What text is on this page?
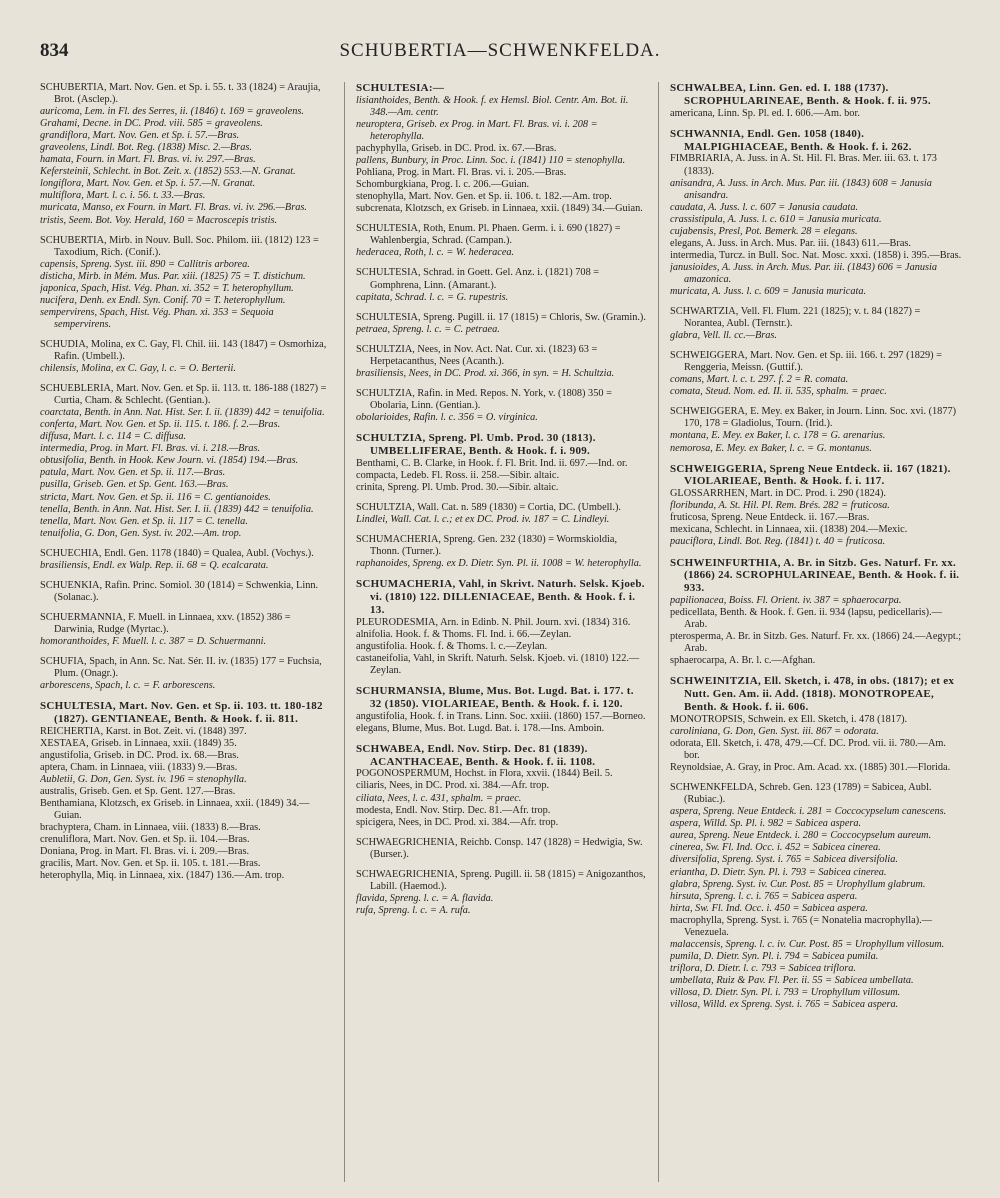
834	SCHUBERTIA—SCHWENKFELDA.
SCHUBERTIA, Mart. Nov. Gen. et Sp. i. 55. t. 33 (1824) = Araujia, Brot. (Asclep.).
auricoma, Lem. in Fl. des Serres, ii. (1846) t. 169 = graveolens.
Grahami, Decne. in DC. Prod. viii. 585 = graveolens.
grandiflora, Mart. Nov. Gen. et Sp. i. 57.—Bras.
graveolens, Lindl. Bot. Reg. (1838) Misc. 2.—Bras.
hamata, Fourn. in Mart. Fl. Bras. vi. iv. 297.—Bras.
Kefersteinii, Schlecht. in Bot. Zeit. x. (1852) 553.—N. Granat.
longiflora, Mart. Nov. Gen. et Sp. i. 57.—N. Granat.
multiflora, Mart. l. c. i. 56. t. 33.—Bras.
muricata, Manso, ex Fourn. in Mart. Fl. Bras. vi. iv. 296.—Bras.
tristis, Seem. Bot. Voy. Herald, 160 = Macroscepis tristis.
SCHUBERTIA, Mirb. in Nouv. Bull. Soc. Philom. iii. (1812) 123 = Taxodium, Rich. (Conif.).
capensis, Spreng. Syst. iii. 890 = Callitris arborea.
disticha, Mirb. in Mém. Mus. Par. xiii. (1825) 75 = T. distichum.
japonica, Spach, Hist. Vég. Phan. xi. 352 = T. heterophyllum.
nucifera, Denh. ex Endl. Syn. Conif. 70 = T. heterophyllum.
sempervirens, Spach, Hist. Vég. Phan. xi. 353 = Sequoia sempervirens.
SCHUDIA, Molina, ex C. Gay, Fl. Chil. iii. 143 (1847) = Osmorhiza, Rafin. (Umbell.).
chilensis, Molina, ex C. Gay, l. c. = O. Berterii.
SCHUEBLERIA, Mart. Nov. Gen. et Sp. ii. 113. tt. 186-188 (1827) = Curtia, Cham. & Schlecht. (Gentian.).
coarctata, Benth. in Ann. Nat. Hist. Ser. I. ii. (1839) 442 = tenuifolia.
conferta, Mart. Nov. Gen. et Sp. ii. 115. t. 186. f. 2.—Bras.
diffusa, Mart. l. c. 114 = C. diffusa.
intermedia, Prog. in Mart. Fl. Bras. vi. i. 218.—Bras.
obtusifolia, Benth. in Hook. Kew Journ. vi. (1854) 194.—Bras.
patula, Mart. Nov. Gen. et Sp. ii. 117.—Bras.
pusilla, Griseb. Gen. et Sp. Gent. 163.—Bras.
stricta, Mart. Nov. Gen. et Sp. ii. 116 = C. gentianoides.
tenella, Benth. in Ann. Nat. Hist. Ser. I. ii. (1839) 442 = tenuifolia.
tenella, Mart. Nov. Gen. et Sp. ii. 117 = C. tenella.
tenuifolia, G. Don, Gen. Syst. iv. 202.—Am. trop.
SCHUECHIA, Endl. Gen. 1178 (1840) = Qualea, Aubl. (Vochys.).
brasiliensis, Endl. ex Walp. Rep. ii. 68 = Q. ecalcarata.
SCHUENKIA, Rafin. Princ. Somiol. 30 (1814) = Schwenkia, Linn. (Solanac.).
SCHUERMANNIA, F. Muell. in Linnaea, xxv. (1852) 386 = Darwinia, Rudge (Myrtac.).
homoranthoides, F. Muell. l. c. 387 = D. Schuermanni.
SCHUFIA, Spach, in Ann. Sc. Nat. Sér. II. iv. (1835) 177 = Fuchsia, Plum. (Onagr.).
arborescens, Spach, l. c. = F. arborescens.
SCHULTESIA, Mart. Nov. Gen. et Sp. ii. 103. tt. 180-182 (1827). GENTIANEAE, Benth. & Hook. f. ii. 811.
REICHERTIA, Karst. in Bot. Zeit. vi. (1848) 397.
XESTAEA, Griseb. in Linnaea, xxii. (1849) 35.
angustifolia, Griseb. in DC. Prod. ix. 68.—Bras.
aptera, Cham. in Linnaea, viii. (1833) 9.—Bras.
Aubletii, G. Don, Gen. Syst. iv. 196 = stenophylla.
australis, Griseb. Gen. et Sp. Gent. 127.—Bras.
Benthamiana, Klotzsch, ex Griseb. in Linnaea, xxii. (1849) 34.—Guian.
brachyptera, Cham. in Linnaea, viii. (1833) 8.—Bras.
crenuliflora, Mart. Nov. Gen. et Sp. ii. 104.—Bras.
Doniana, Prog. in Mart. Fl. Bras. vi. i. 209.—Bras.
gracilis, Mart. Nov. Gen. et Sp. ii. 105. t. 181.—Bras.
heterophylla, Miq. in Linnaea, xix. (1847) 136.—Am. trop.
SCHULTESIA:—
lisianthoides, Benth. & Hook. f. ex Hemsl. Biol. Centr. Am. Bot. ii. 348.—Am. centr.
neuroptera, Griseb. ex Prog. in Mart. Fl. Bras. vi. i. 208 = heterophylla.
pachyphylla, Griseb. in DC. Prod. ix. 67.—Bras.
pallens, Bunbury, in Proc. Linn. Soc. i. (1841) 110 = stenophylla.
Pohliana, Prog. in Mart. Fl. Bras. vi. i. 205.—Bras.
Schomburgkiana, Prog. l. c. 206.—Guian.
stenophylla, Mart. Nov. Gen. et Sp. ii. 106. t. 182.—Am. trop.
subcrenata, Klotzsch, ex Griseb. in Linnaea, xxii. (1849) 34.—Guian.
SCHULTESIA, Roth, Enum. Pl. Phaen. Germ. i. i. 690 (1827) = Wahlenbergia, Schrad. (Campan.).
hederacea, Roth, l. c. = W. hederacea.
SCHULTESIA, Schrad. in Goett. Gel. Anz. i. (1821) 708 = Gomphrena, Linn. (Amarant.).
capitata, Schrad. l. c. = G. rupestris.
SCHULTESIA, Spreng. Pugill. ii. 17 (1815) = Chloris, Sw. (Gramin.).
petraea, Spreng. l. c. = C. petraea.
SCHULTZIA, Nees, in Nov. Act. Nat. Cur. xi. (1823) 63 = Herpetacanthus, Nees (Acanth.).
brasiliensis, Nees, in DC. Prod. xi. 366, in syn. = H. Schultzia.
SCHULTZIA, Rafin. in Med. Repos. N. York, v. (1808) 350 = Obolaria, Linn. (Gentian.).
obolarioides, Rafin. l. c. 356 = O. virginica.
SCHULTZIA, Spreng. Pl. Umb. Prod. 30 (1813). UMBELLIFERAE, Benth. & Hook. f. i. 909.
Benthami, C. B. Clarke, in Hook. f. Fl. Brit. Ind. ii. 697.—Ind. or.
compacta, Ledeb. Fl. Ross. ii. 258.—Sibir. altaic.
crinita, Spreng. Pl. Umb. Prod. 30.—Sibir. altaic.
SCHULTZIA, Wall. Cat. n. 589 (1830) = Cortia, DC. (Umbell.).
Lindlei, Wall. Cat. l. c.; et ex DC. Prod. iv. 187 = C. Lindleyi.
SCHUMACHERIA, Spreng. Gen. 232 (1830) = Wormskioldia, Thonn. (Turner.).
raphanoides, Spreng. ex D. Dietr. Syn. Pl. ii. 1008 = W. heterophylla.
SCHUMACHERIA, Vahl, in Skrivt. Naturh. Selsk. Kjoeb. vi. (1810) 122. DILLENIACEAE, Benth. & Hook. f. i. 13.
PLEURODESMIA, Arn. in Edinb. N. Phil. Journ. xvi. (1834) 316.
alnifolia. Hook. f. & Thoms. Fl. Ind. i. 66.—Zeylan.
angustifolia. Hook. f. & Thoms. l. c.—Zeylan.
castaneifolia, Vahl, in Skrift. Naturh. Selsk. Kjoeb. vi. (1810) 122.—Zeylan.
SCHURMANSIA, Blume, Mus. Bot. Lugd. Bat. i. 177. t. 32 (1850). VIOLARIEAE, Benth. & Hook. f. i. 120.
angustifolia, Hook. f. in Trans. Linn. Soc. xxiii. (1860) 157.—Borneo.
elegans, Blume, Mus. Bot. Lugd. Bat. i. 178.—Ins. Amboin.
SCHWABEA, Endl. Nov. Stirp. Dec. 81 (1839). ACANTHACEAE, Benth. & Hook. f. ii. 1108.
POGONOSPERMUM, Hochst. in Flora, xxvii. (1844) Beil. 5.
ciliaris, Nees, in DC. Prod. xi. 384.—Afr. trop.
ciliata, Nees, l. c. 431, sphalm. = praec.
modesta, Endl. Nov. Stirp. Dec. 81.—Afr. trop.
spicigera, Nees, in DC. Prod. xi. 384.—Afr. trop.
SCHWAEGRICHENIA, Reichb. Consp. 147 (1828) = Hedwigia, Sw. (Burser.).
SCHWAEGRICHENIA, Spreng. Pugill. ii. 58 (1815) = Anigozanthos, Labill. (Haemod.).
flavida, Spreng. l. c. = A. flavida.
rufa, Spreng. l. c. = A. rufa.
SCHWALBEA, Linn. Gen. ed. I. 188 (1737). SCROPHULARINEAE, Benth. & Hook. f. ii. 975.
americana, Linn. Sp. Pl. ed. I. 606.—Am. bor.
SCHWANNIA, Endl. Gen. 1058 (1840). MALPIGHIACEAE, Benth. & Hook. f. i. 262.
FIMBRIARIA, A. Juss. in A. St. Hil. Fl. Bras. Mer. iii. 63. t. 173 (1833).
anisandra, A. Juss. in Arch. Mus. Par. iii. (1843) 608 = Janusia anisandra.
caudata, A. Juss. l. c. 607 = Janusia caudata.
crassistipula, A. Juss. l. c. 610 = Janusia muricata.
cujabensis, Presl, Pot. Bemerk. 28 = elegans.
elegans, A. Juss. in Arch. Mus. Par. iii. (1843) 611.—Bras.
intermedia, Turcz. in Bull. Soc. Nat. Mosc. xxxi. (1858) i. 395.—Bras.
janusioides, A. Juss. in Arch. Mus. Par. iii. (1843) 606 = Janusia amazonica.
muricata, A. Juss. l. c. 609 = Janusia muricata.
SCHWARTZIA, Vell. Fl. Flum. 221 (1825); v. t. 84 (1827) = Norantea, Aubl. (Ternstr.).
glabra, Vell. ll. cc.—Bras.
SCHWEIGGERA, Mart. Nov. Gen. et Sp. iii. 166. t. 297 (1829) = Renggeria, Meissn. (Guttif.).
comans, Mart. l. c. t. 297. f. 2 = R. comata.
comata, Steud. Nom. ed. II. ii. 535, sphalm. = praec.
SCHWEIGGERA, E. Mey. ex Baker, in Journ. Linn. Soc. xvi. (1877) 170, 178 = Gladiolus, Tourn. (Irid.).
montana, E. Mey. ex Baker, l. c. 178 = G. arenarius.
nemorosa, E. Mey. ex Baker, l. c. = G. montanus.
SCHWEIGGERIA, Spreng Neue Entdeck. ii. 167 (1821). VIOLARIEAE, Benth. & Hook. f. i. 117.
GLOSSARRHEN, Mart. in DC. Prod. i. 290 (1824).
floribunda, A. St. Hil. Pl. Rem. Brés. 282 = fruticosa.
fruticosa, Spreng. Neue Entdeck. ii. 167.—Bras.
mexicana, Schlecht. in Linnaea, xii. (1838) 204.—Mexic.
pauciflora, Lindl. Bot. Reg. (1841) t. 40 = fruticosa.
SCHWEINFURTHIA, A. Br. in Sitzb. Ges. Naturf. Fr. xx. (1866) 24. SCROPHULARINEAE, Benth. & Hook. f. ii. 933.
papilionacea, Boiss. Fl. Orient. iv. 387 = sphaerocarpa.
pedicellata, Benth. & Hook. f. Gen. ii. 934 (lapsu, pedicellaris).—Arab.
pterosperma, A. Br. in Sitzb. Ges. Naturf. Fr. xx. (1866) 24.—Aegypt.; Arab.
sphaerocarpa, A. Br. l. c.—Afghan.
SCHWEINITZIA, Ell. Sketch, i. 478, in obs. (1817); et ex Nutt. Gen. Am. ii. Add. (1818). MONOTROPEAE, Benth. & Hook. f. ii. 606.
MONOTROPSIS, Schwein. ex Ell. Sketch, i. 478 (1817).
caroliniana, G. Don, Gen. Syst. iii. 867 = odorata.
odorata, Ell. Sketch, i. 478, 479.—Cf. DC. Prod. vii. ii. 780.—Am. bor.
Reynoldsiae, A. Gray, in Proc. Am. Acad. xx. (1885) 301.—Florida.
SCHWENKFELDA, Schreb. Gen. 123 (1789) = Sabicea, Aubl. (Rubiac.).
aspera, Spreng. Neue Entdeck. i. 281 = Coccocypselum canescens.
aspera, Willd. Sp. Pl. i. 982 = Sabicea aspera.
aurea, Spreng. Neue Entdeck. i. 280 = Coccocypselum aureum.
cinerea, Sw. Fl. Ind. Occ. i. 452 = Sabicea cinerea.
diversifolia, Spreng. Syst. i. 765 = Sabicea diversifolia.
eriantha, D. Dietr. Syn. Pl. i. 793 = Sabicea cinerea.
glabra, Spreng. Syst. iv. Cur. Post. 85 = Urophyllum glabrum.
hirsuta, Spreng. l. c. i. 765 = Sabicea aspera.
hirta, Sw. Fl. Ind. Occ. i. 450 = Sabicea aspera.
macrophylla, Spreng. Syst. i. 765 (= Nonatelia macrophylla).—Venezuela.
malaccensis, Spreng. l. c. iv. Cur. Post. 85 = Urophyllum villosum.
pumila, D. Dietr. Syn. Pl. i. 794 = Sabicea pumila.
triflora, D. Dietr. l. c. 793 = Sabicea triflora.
umbellata, Ruiz & Pav. Fl. Per. ii. 55 = Sabicea umbellata.
villosa, D. Dietr. Syn. Pl. i. 793 = Urophyllum villosum.
villosa, Willd. ex Spreng. Syst. i. 765 = Sabicea aspera.
